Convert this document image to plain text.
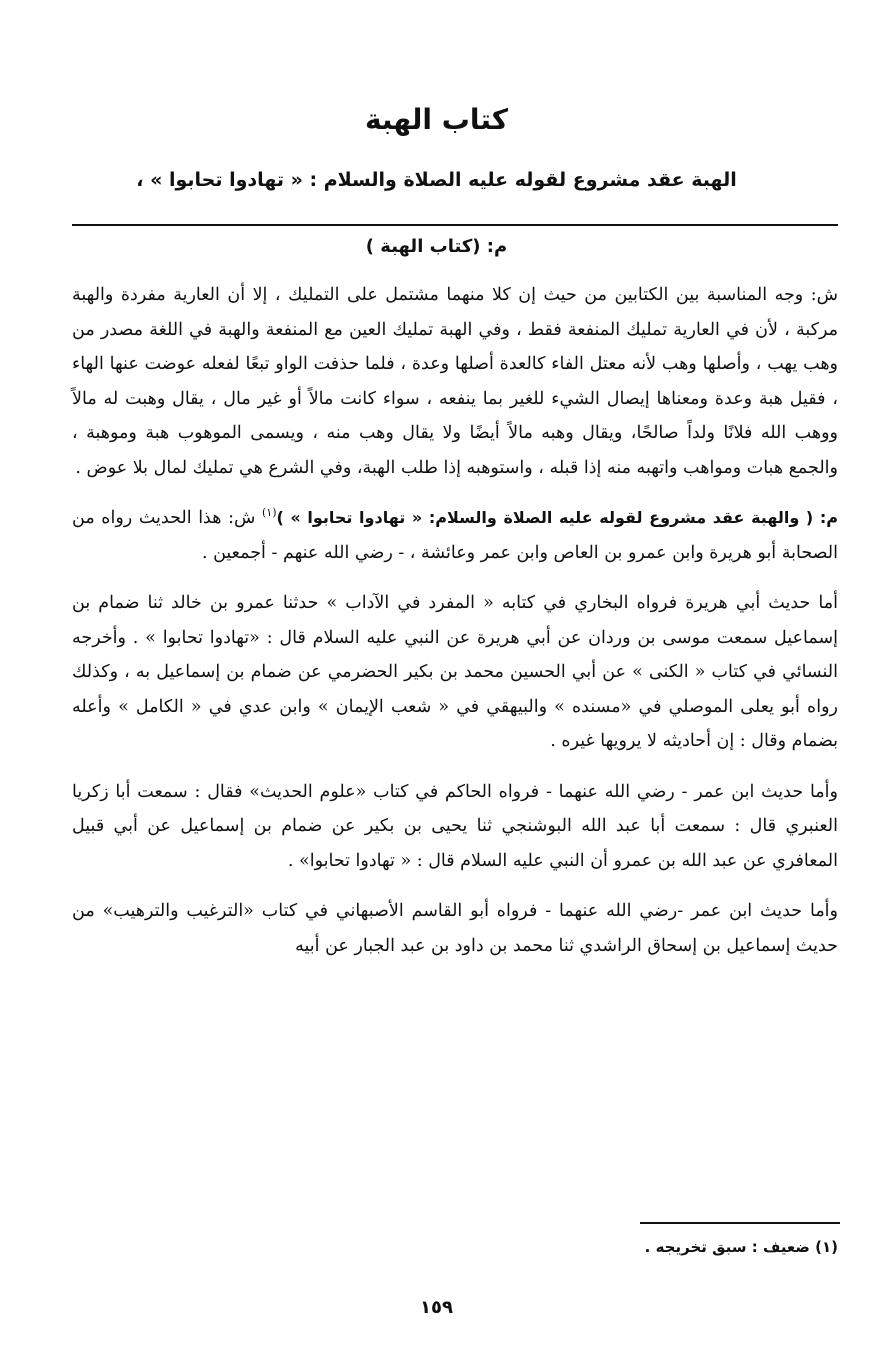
كتاب الهبة
الهبة عقد مشروع لقوله عليه الصلاة والسلام : « تهادوا تحابوا » ،
م: (كتاب الهبة )

ش: وجه المناسبة بين الكتابين من حيث إن كلا منهما مشتمل على التمليك ، إلا أن العارية مفردة والهبة مركبة ، لأن في العارية تمليك المنفعة فقط ، وفي الهبة تمليك العين مع المنفعة والهبة في اللغة مصدر من وهب يهب ، وأصلها وهب لأنه معتل الفاء كالعدة أصلها وعدة ، فلما حذفت الواو تبعًا لفعله عوضت عنها الهاء ، فقيل هبة وعدة ومعناها إيصال الشيء للغير بما ينفعه ، سواء كانت مالاً أو غير مال ، يقال وهبت له مالاً ووهب الله فلانًا ولداً صالحًا، ويقال وهبه مالاً أيضًا ولا يقال وهب منه ، ويسمى الموهوب هبة وموهبة ، والجمع هبات ومواهب واتهبه منه إذا قبله ، واستوهبه إذا طلب الهبة، وفي الشرع هي تمليك لمال بلا عوض .

م: ( والهبة عقد مشروع لقوله عليه الصلاة والسلام: « تهادوا تحابوا » )$^{(١)}$ ش: هذا الحديث رواه من الصحابة أبو هريرة وابن عمرو بن العاص وابن عمر وعائشة ، - رضي الله عنهم - أجمعين .

أما حديث أبي هريرة فرواه البخاري في كتابه « المفرد في الآداب » حدثنا عمرو بن خالد ثنا ضمام بن إسماعيل سمعت موسى بن وردان عن أبي هريرة عن النبي عليه السلام قال : «تهادوا تحابوا » . وأخرجه النسائي في كتاب « الكنى » عن أبي الحسين محمد بن بكير الحضرمي عن ضمام بن إسماعيل به ، وكذلك رواه أبو يعلى الموصلي في «مسنده » والبيهقي في « شعب الإيمان » وابن عدي في « الكامل » وأعله بضمام وقال : إن أحاديثه لا يرويها غيره .

وأما حديث ابن عمر - رضي الله عنهما - فرواه الحاكم في كتاب «علوم الحديث» فقال : سمعت أبا زكريا العنبري قال : سمعت أبا عبد الله البوشنجي ثنا يحيى بن بكير عن ضمام بن إسماعيل عن أبي قبيل المعافري عن عبد الله بن عمرو أن النبي عليه السلام قال : « تهادوا تحابوا» .

وأما حديث ابن عمر -رضي الله عنهما - فرواه أبو القاسم الأصبهاني في كتاب «الترغيب والترهيب» من حديث إسماعيل بن إسحاق الراشدي ثنا محمد بن داود بن عبد الجبار عن أبيه

(١) ضعيف : سبق تخريجه .
١٥٩
